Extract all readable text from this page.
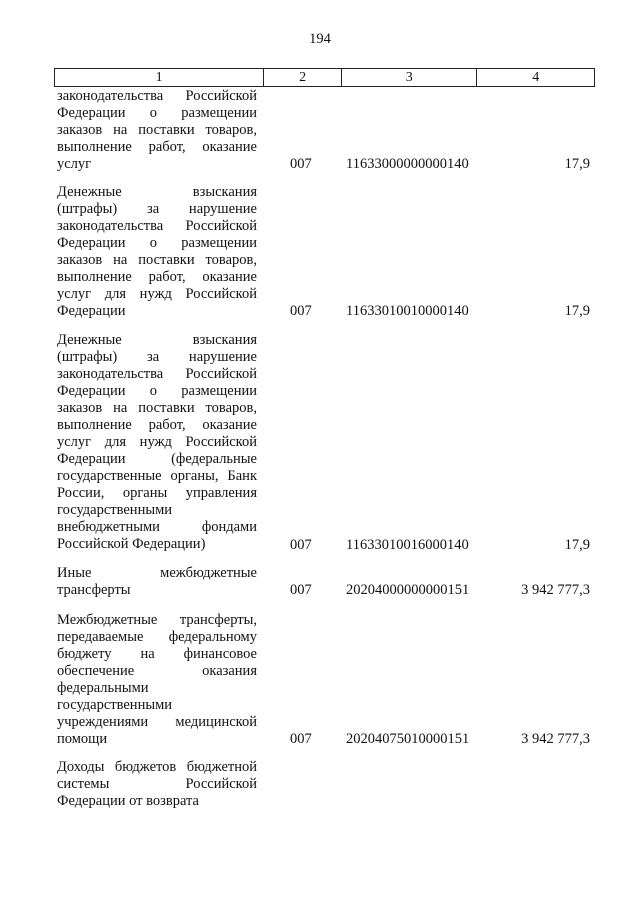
194
1	2	3	4
законодательства Российской
Федерации о размещении
заказов на поставки товаров,
выполнение работ, оказание
услуг	007 11633000000000140	17,9
Денежные взыскания
(штрафы) за нарушение
законодательства Российской
Федерации о размещении
заказов на поставки товаров,
выполнение работ, оказание
услуг для нужд Российской
Федерации	007 11633010010000140	17,9
Денежные взыскания
(штрафы) за нарушение
законодательства Российской
Федерации о размещении
заказов на поставки товаров,
выполнение работ, оказание
услуг для нужд Российской
Федерации (федеральные
государственные органы, Банк
России, органы управления
государственными
внебюджетными фондами
Российской Федерации)	007 11633010016000140	17,9
Иные межбюджетные
трансферты	007 20204000000000151	3 942 777,3
Межбюджетные трансферты,
передаваемые федеральному
бюджету на финансовое
обеспечение оказания
федеральными
государственными
учреждениями медицинской
помощи	007 20204075010000151	3 942 777,3
Доходы бюджетов бюджетной
системы Российской
Федерации от возврата
